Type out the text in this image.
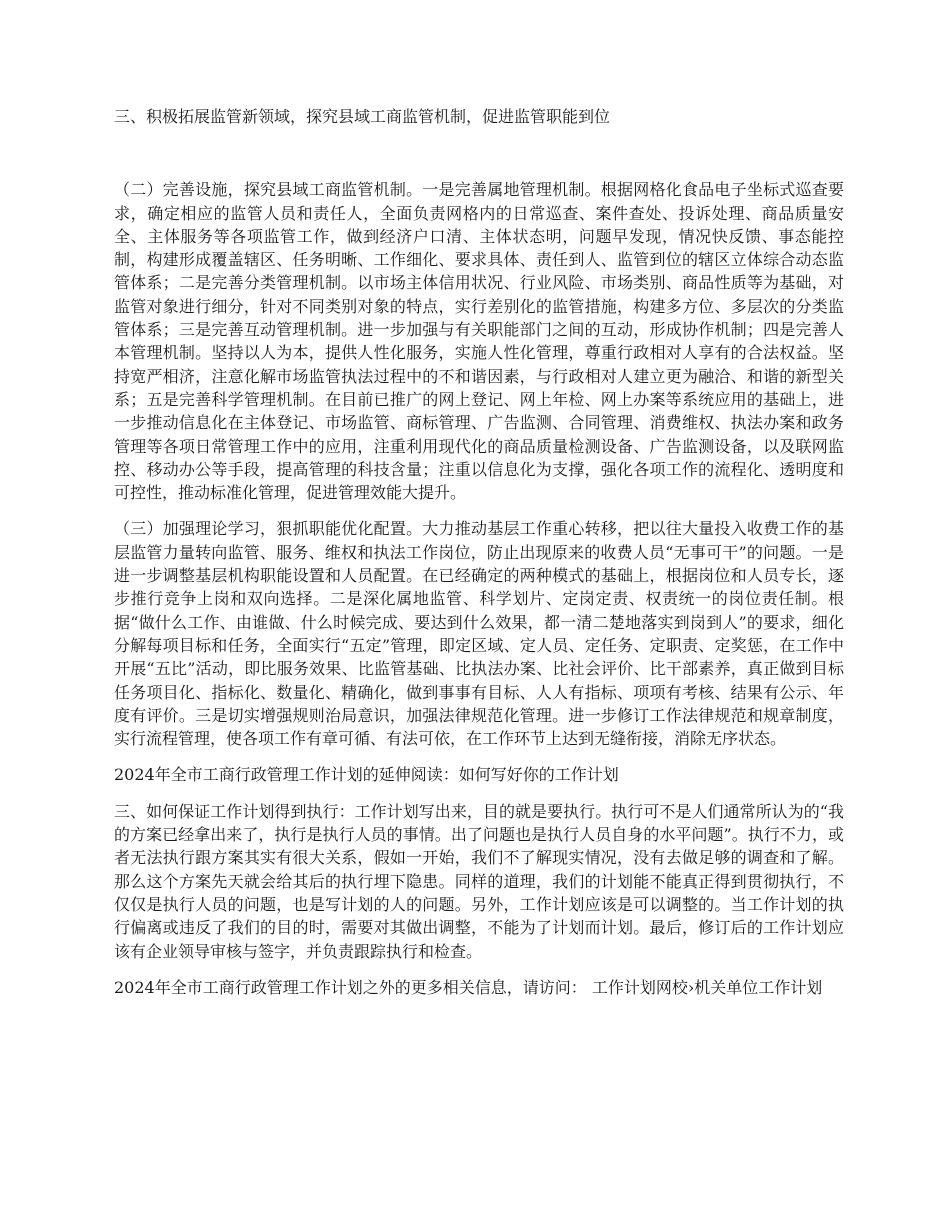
三、积极拓展监管新领域，探究县域工商监管机制，促进监管职能到位

（二）完善设施，探究县域工商监管机制。一是完善属地管理机制。根据网格化食品电子坐标式巡查要求，确定相应的监管人员和责任人，全面负责网格内的日常巡查、案件查处、投诉处理、商品质量安全、主体服务等各项监管工作，做到经济户口清、主体状态明，问题早发现，情况快反馈、事态能控制，构建形成覆盖辖区、任务明晰、工作细化、要求具体、责任到人、监管到位的辖区立体综合动态监管体系；二是完善分类管理机制。以市场主体信用状况、行业风险、市场类别、商品性质等为基础，对监管对象进行细分，针对不同类别对象的特点，实行差别化的监管措施，构建多方位、多层次的分类监管体系；三是完善互动管理机制。进一步加强与有关职能部门之间的互动，形成协作机制；四是完善人本管理机制。坚持以人为本，提供人性化服务，实施人性化管理，尊重行政相对人享有的合法权益。坚持宽严相济，注意化解市场监管执法过程中的不和谐因素，与行政相对人建立更为融洽、和谐的新型关系；五是完善科学管理机制。在目前已推广的网上登记、网上年检、网上办案等系统应用的基础上，进一步推动信息化在主体登记、市场监管、商标管理、广告监测、合同管理、消费维权、执法办案和政务管理等各项日常管理工作中的应用，注重利用现代化的商品质量检测设备、广告监测设备，以及联网监控、移动办公等手段，提高管理的科技含量；注重以信息化为支撑，强化各项工作的流程化、透明度和可控性，推动标准化管理，促进管理效能大提升。

（三）加强理论学习，狠抓职能优化配置。大力推动基层工作重心转移，把以往大量投入收费工作的基层监管力量转向监管、服务、维权和执法工作岗位，防止出现原来的收费人员“无事可干”的问题。一是进一步调整基层机构职能设置和人员配置。在已经确定的两种模式的基础上，根据岗位和人员专长，逐步推行竞争上岗和双向选择。二是深化属地监管、科学划片、定岗定责、权责统一的岗位责任制。根据“做什么工作、由谁做、什么时候完成、要达到什么效果，都一清二楚地落实到岗到人”的要求，细化分解每项目标和任务，全面实行“五定”管理，即定区域、定人员、定任务、定职责、定奖惩，在工作中开展“五比”活动，即比服务效果、比监管基础、比执法办案、比社会评价、比干部素养，真正做到目标任务项目化、指标化、数量化、精确化，做到事事有目标、人人有指标、项项有考核、结果有公示、年度有评价。三是切实增强规则治局意识，加强法律规范化管理。进一步修订工作法律规范和规章制度，实行流程管理，使各项工作有章可循、有法可依，在工作环节上达到无缝衔接，消除无序状态。

2024年全市工商行政管理工作计划的延伸阅读：如何写好你的工作计划

三、如何保证工作计划得到执行：工作计划写出来，目的就是要执行。执行可不是人们通常所认为的“我的方案已经拿出来了，执行是执行人员的事情。出了问题也是执行人员自身的水平问题”。执行不力，或者无法执行跟方案其实有很大关系，假如一开始，我们不了解现实情况，没有去做足够的调查和了解。那么这个方案先天就会给其后的执行埋下隐患。同样的道理，我们的计划能不能真正得到贯彻执行，不仅仅是执行人员的问题，也是写计划的人的问题。另外，工作计划应该是可以调整的。当工作计划的执行偏离或违反了我们的目的时，需要对其做出调整，不能为了计划而计划。最后，修订后的工作计划应该有企业领导审核与签字，并负责跟踪执行和检查。

2024年全市工商行政管理工作计划之外的更多相关信息，请访问： 工作计划网校›机关单位工作计划
